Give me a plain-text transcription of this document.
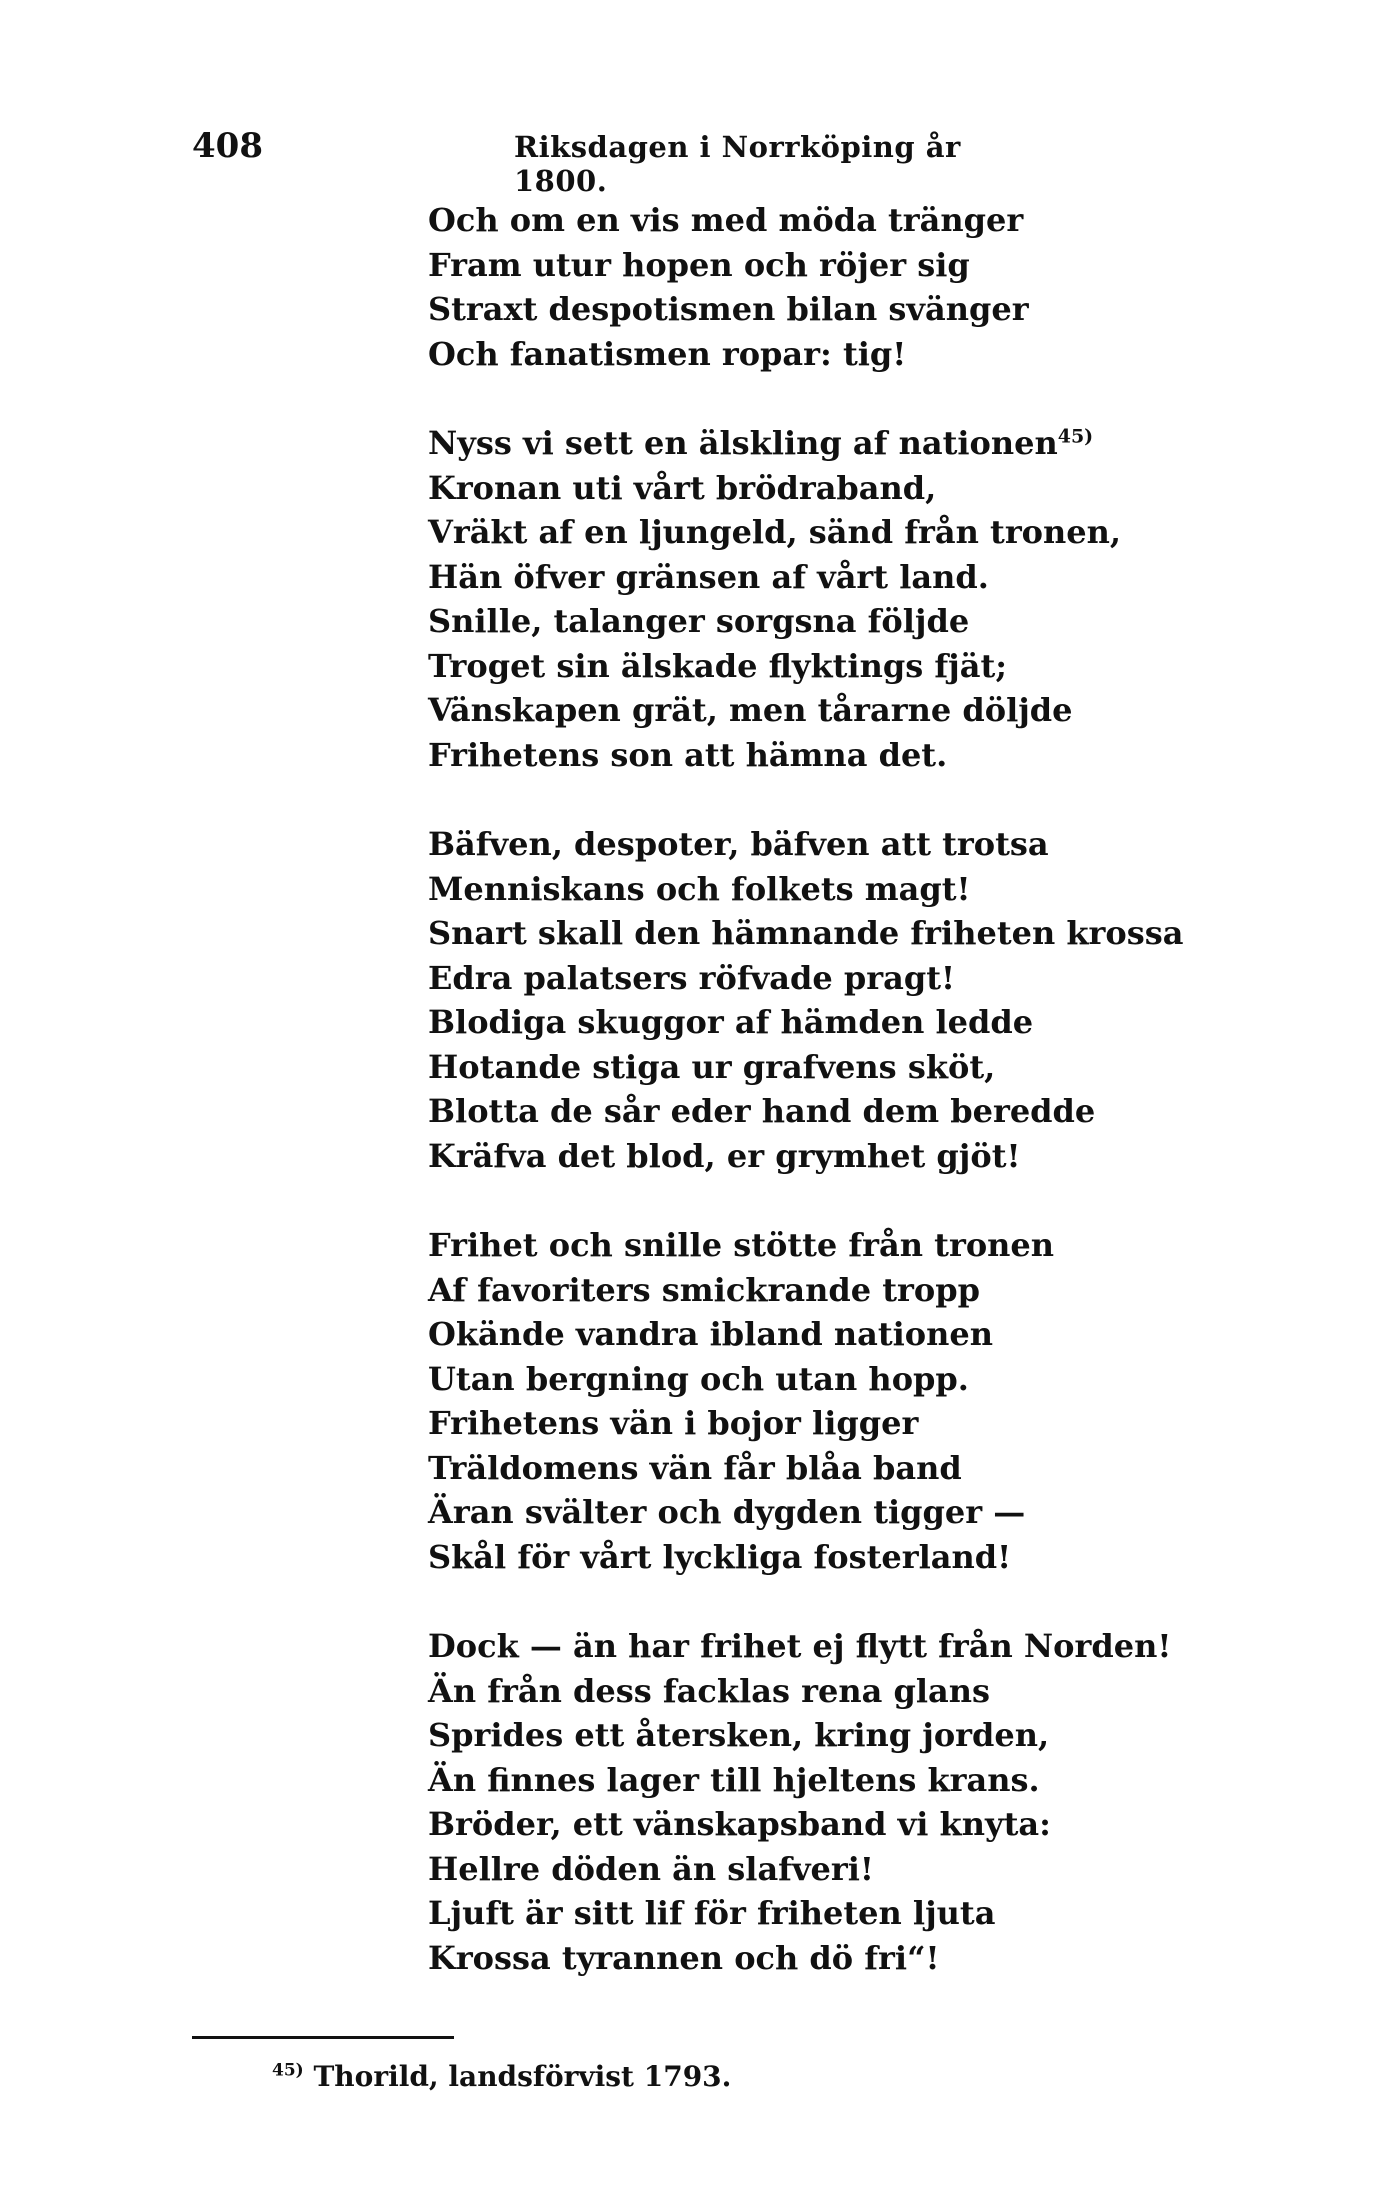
408	Riksdagen i Norrköping år 1800.
Och om en vis med möda tränger
Fram utur hopen och röjer sig
Straxt despotismen bilan svänger
Och fanatismen ropar: tig!
Nyss vi sett en älskling af nationen$^{45)}$
Kronan uti vårt brödraband,
Vräkt af en ljungeld, sänd från tronen,
Hän öfver gränsen af vårt land.
Snille, talanger sorgsna följde
Troget sin älskade flyktings fjät;
Vänskapen grät, men tårarne döljde
Frihetens son att hämna det.
Bäfven, despoter, bäfven att trotsa
Menniskans och folkets magt!
Snart skall den hämnande friheten krossa
Edra palatsers röfvade pragt!
Blodiga skuggor af hämden ledde
Hotande stiga ur grafvens sköt,
Blotta de sår eder hand dem beredde
Kräfva det blod, er grymhet gjöt!
Frihet och snille stötte från tronen
Af favoriters smickrande tropp
Okände vandra ibland nationen
Utan bergning och utan hopp.
Frihetens vän i bojor ligger
Träldomens vän får blåa band
Äran svälter och dygden tigger —
Skål för vårt lyckliga fosterland!
Dock — än har frihet ej flytt från Norden!
Än från dess facklas rena glans
Sprides ett återsken, kring jorden,
Än finnes lager till hjeltens krans.
Bröder, ett vänskapsband vi knyta:
Hellre döden än slafveri!
Ljuft är sitt lif för friheten ljuta
Krossa tyrannen och dö fri“!
$^{45)}$ Thorild, landsförvist 1793.
